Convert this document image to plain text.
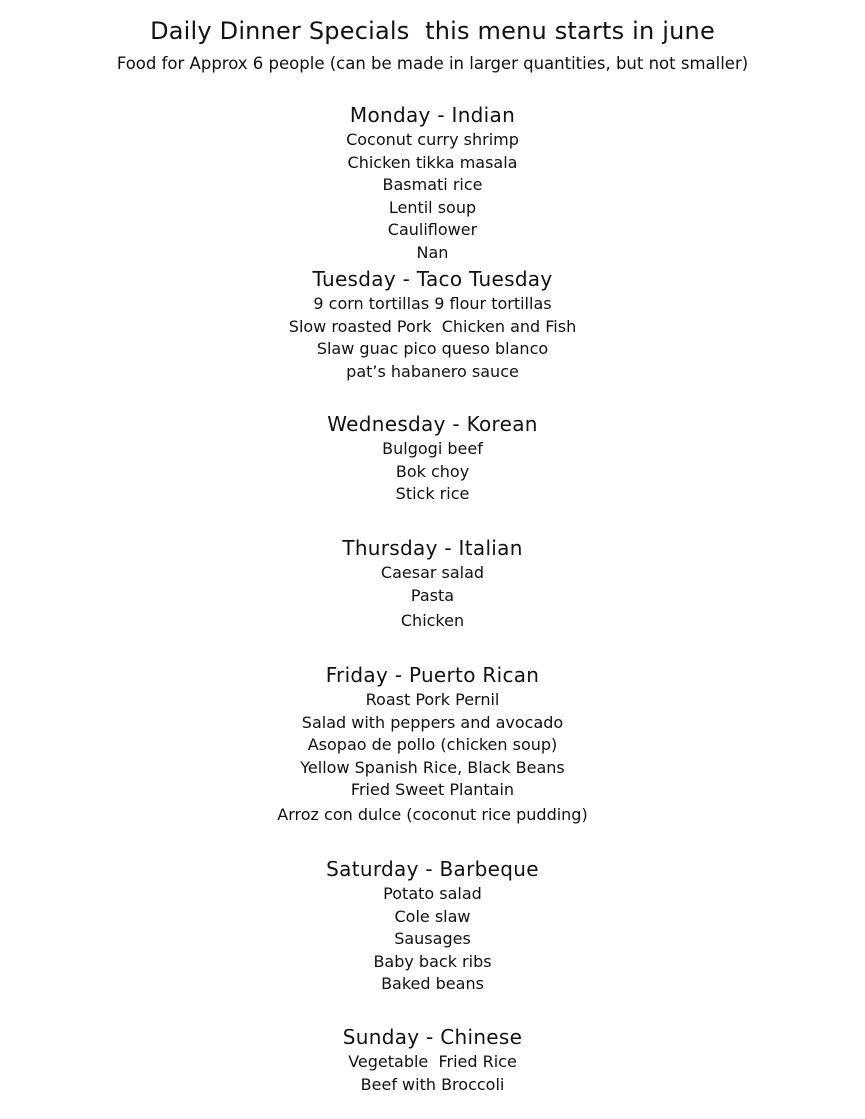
Daily Dinner Specials  this menu starts in june
Food for Approx 6 people (can be made in larger quantities, but not smaller)
Monday - Indian
Coconut curry shrimp
Chicken tikka masala
Basmati rice
Lentil soup
Cauliflower
Nan
Tuesday - Taco Tuesday
9 corn tortillas 9 flour tortillas
Slow roasted Pork  Chicken and Fish
Slaw guac pico queso blanco
pat’s habanero sauce
Wednesday - Korean
Bulgogi beef
Bok choy
Stick rice
Thursday - Italian
Caesar salad
Pasta
Chicken
Friday - Puerto Rican
Roast Pork Pernil
Salad with peppers and avocado
Asopao de pollo (chicken soup)
Yellow Spanish Rice, Black Beans
Fried Sweet Plantain
Arroz con dulce (coconut rice pudding)
Saturday - Barbeque
Potato salad
Cole slaw
Sausages
Baby back ribs
Baked beans
Sunday - Chinese
Vegetable  Fried Rice
Beef with Broccoli
